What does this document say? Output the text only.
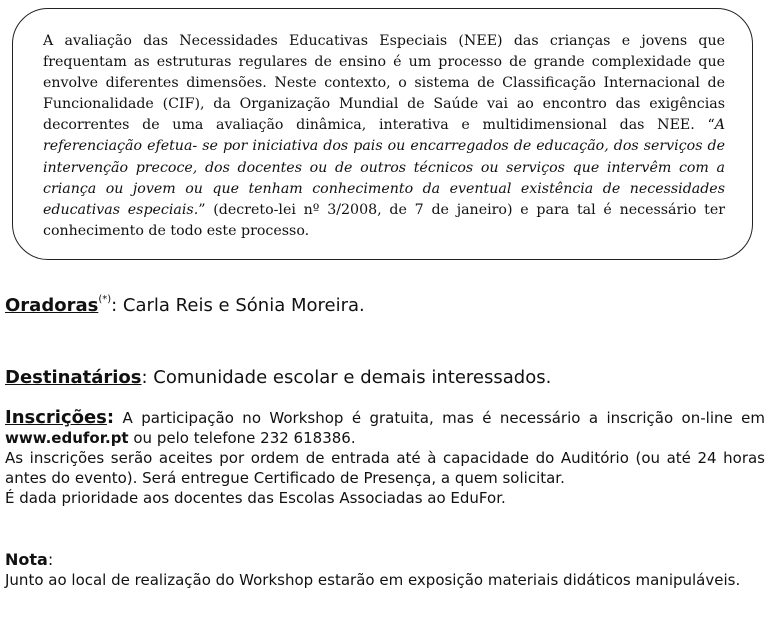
A avaliação das Necessidades Educativas Especiais (NEE) das crianças e jovens que frequentam as estruturas regulares de ensino é um processo de grande complexidade que envolve diferentes dimensões. Neste contexto, o sistema de Classificação Internacional de Funcionalidade (CIF), da Organização Mundial de Saúde vai ao encontro das exigências decorrentes de uma avaliação dinâmica, interativa e multidimensional das NEE. “A referenciação efetua- se por iniciativa dos pais ou encarregados de educação, dos serviços de intervenção precoce, dos docentes ou de outros técnicos ou serviços que intervêm com a criança ou jovem ou que tenham conhecimento da eventual existência de necessidades educativas especiais.” (decreto-lei nº 3/2008, de 7 de janeiro) e para tal é necessário ter conhecimento de todo este processo.

Oradoras(*): Carla Reis e Sónia Moreira.
Destinatários: Comunidade escolar e demais interessados.
Inscrições: A participação no Workshop é gratuita, mas é necessário a inscrição on-line em
www.edufor.pt ou pelo telefone 232 618386.
As inscrições serão aceites por ordem de entrada até à capacidade do Auditório (ou até 24 horas antes do evento). Será entregue Certificado de Presença, a quem solicitar.
É dada prioridade aos docentes das Escolas Associadas ao EduFor.
Nota:
Junto ao local de realização do Workshop estarão em exposição materiais didáticos manipuláveis.
